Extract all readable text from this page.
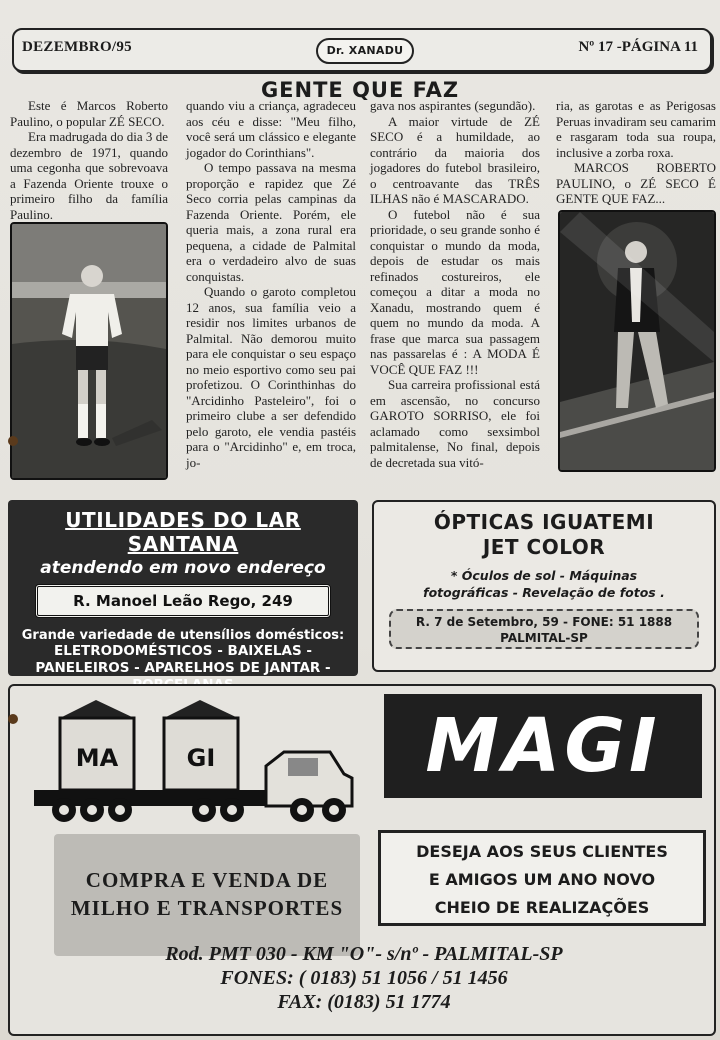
DEZEMBRO/95	Dr. XANADU	Nº 17 -PÁGINA 11
GENTE QUE FAZ

Este é Marcos Roberto Paulino, o popular ZÉ SECO.

Era madrugada do dia 3 de dezembro de 1971, quando uma cegonha que sobrevoava a Fazenda Oriente trouxe o primeiro filho da família Paulino.

quando viu a criança, agradeceu aos céu e disse: "Meu filho, você será um clássico e elegante jogador do Corinthians".

O tempo passava na mesma proporção e rapidez que Zé Seco corria pelas campinas da Fazenda Oriente. Porém, ele queria mais, a zona rural era pequena, a cidade de Palmital era o verdadeiro alvo de suas conquistas.

Quando o garoto completou 12 anos, sua família veio a residir nos limites urbanos de Palmital. Não demorou muito para ele conquistar o seu espaço no meio esportivo como seu pai profetizou. O Corinthinhas do "Arcidinho Pasteleiro", foi o primeiro clube a ser defendido pelo garoto, ele vendia pastéis para o "Arcidinho" e, em troca, jo-

gava nos aspirantes (segundão).

A maior virtude de ZÉ SECO é a humildade, ao contrário da maioria dos jogadores do futebol brasileiro, o centroavante das TRÊS ILHAS não é MASCARADO.

O futebol não é sua prioridade, o seu grande sonho é conquistar o mundo da moda, depois de estudar os mais refinados costureiros, ele começou a ditar a moda no Xanadu, mostrando quem é quem no mundo da moda. A frase que marca sua passagem nas passarelas é : A MODA É VOCÊ QUE FAZ !!!

Sua carreira profissional está em ascensão, no concurso GAROTO SORRISO, ele foi aclamado como sexsimbol palmitalense, No final, depois de decretada sua vitó-

ria, as garotas e as Perigosas Peruas invadiram seu camarim e rasgaram toda sua roupa, inclusive a zorba roxa.

MARCOS ROBERTO PAULINO, o ZÉ SECO É GENTE QUE FAZ...

UTILIDADES DO LAR SANTANA
atendendo em novo endereço
R. Manoel Leão Rego, 249
Grande variedade de utensílios domésticos:
ELETRODOMÉSTICOS - BAIXELAS -
PANELEIROS - APARELHOS DE JANTAR -
ÓPTICAS IGUATEMI
JET COLOR
* Óculos de sol - Máquinas
fotográficas - Revelação de fotos .
R. 7 de Setembro, 59 - FONE: 51 1888
PALMITAL-SP
MA	GI	MAGI
DESEJA AOS SEUS CLIENTES
E AMIGOS UM ANO NOVO
CHEIO DE REALIZAÇÕES
COMPRA E VENDA DE
MILHO E TRANSPORTES
Rod. PMT 030 - KM "O"- s/nº - PALMITAL-SP
FONES: ( 0183) 51 1056 / 51 1456
FAX: (0183) 51 1774
